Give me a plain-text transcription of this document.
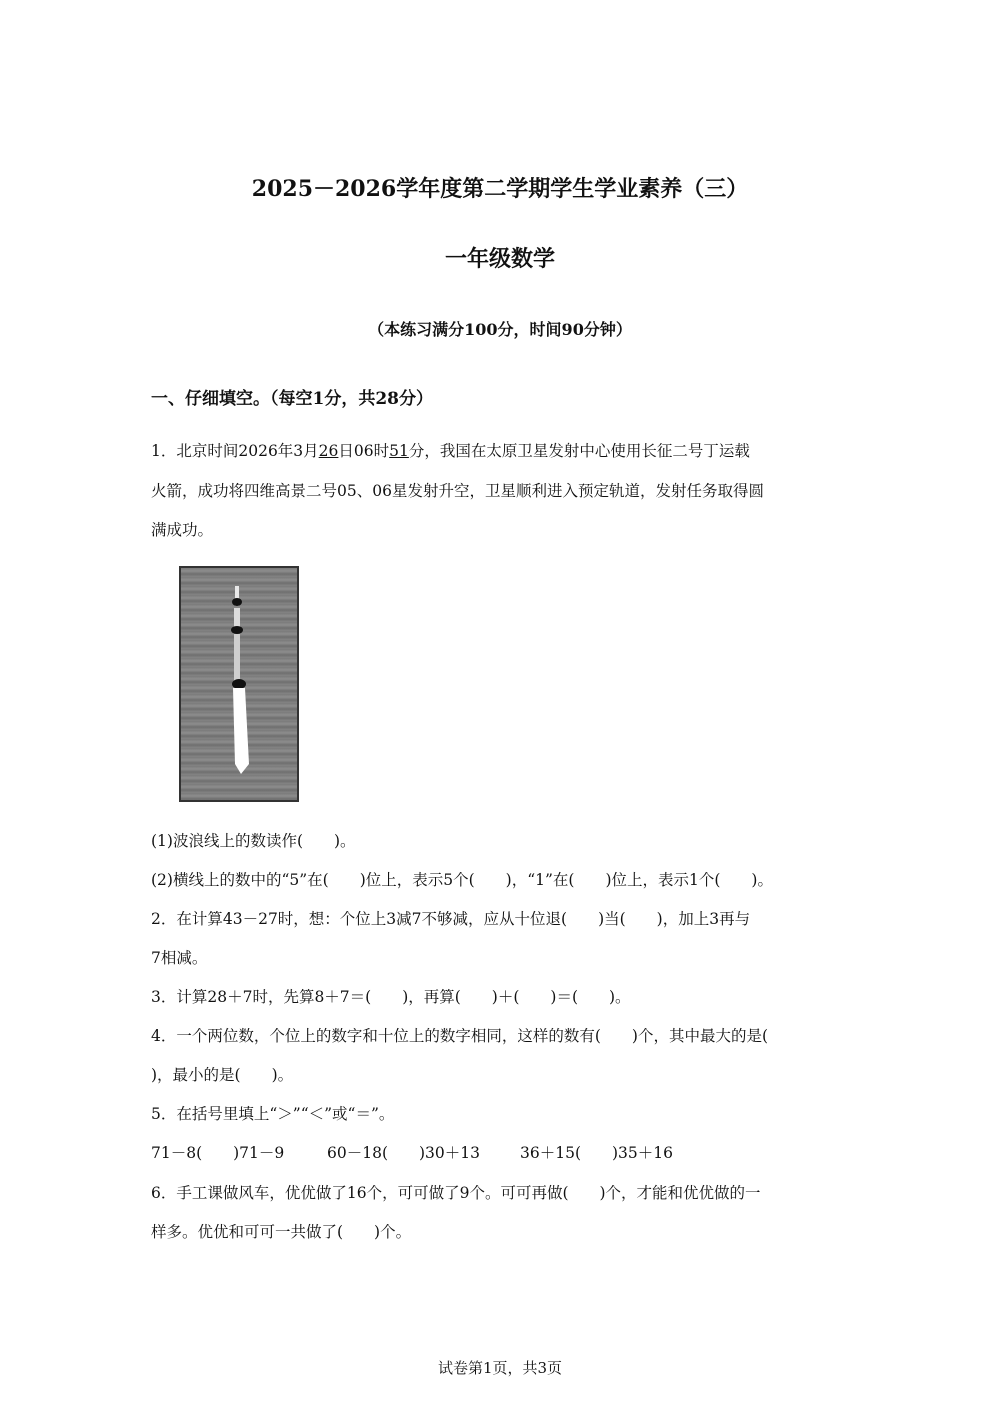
2025－2026学年度第二学期学生学业素养（三）
一年级数学
（本练习满分100分，时间90分钟）
一、仔细填空。（每空1分，共28分）
1．北京时间2026年3月26日06时51分，我国在太原卫星发射中心使用长征二号丁运载
火箭，成功将四维高景二号05、06星发射升空，卫星顺利进入预定轨道，发射任务取得圆
满成功。
(1)波浪线上的数读作(　　)。
(2)横线上的数中的“5”在(　　)位上，表示5个(　　)，“1”在(　　)位上，表示1个(　　)。
2．在计算43－27时，想：个位上3减7不够减，应从十位退(　　)当(　　)，加上3再与
7相减。
3．计算28＋7时，先算8＋7＝(　　)，再算(　　)＋(　　)＝(　　)。
4．一个两位数，个位上的数字和十位上的数字相同，这样的数有(　　)个，其中最大的是(
)，最小的是(　　)。
5．在括号里填上“＞”“＜”或“＝”。
71－8(　　)71－9	60－18(　　)30＋13	36＋15(　　)35＋16
6．手工课做风车，优优做了16个，可可做了9个。可可再做(　　)个，才能和优优做的一
样多。优优和可可一共做了(　　)个。
试卷第1页，共3页
